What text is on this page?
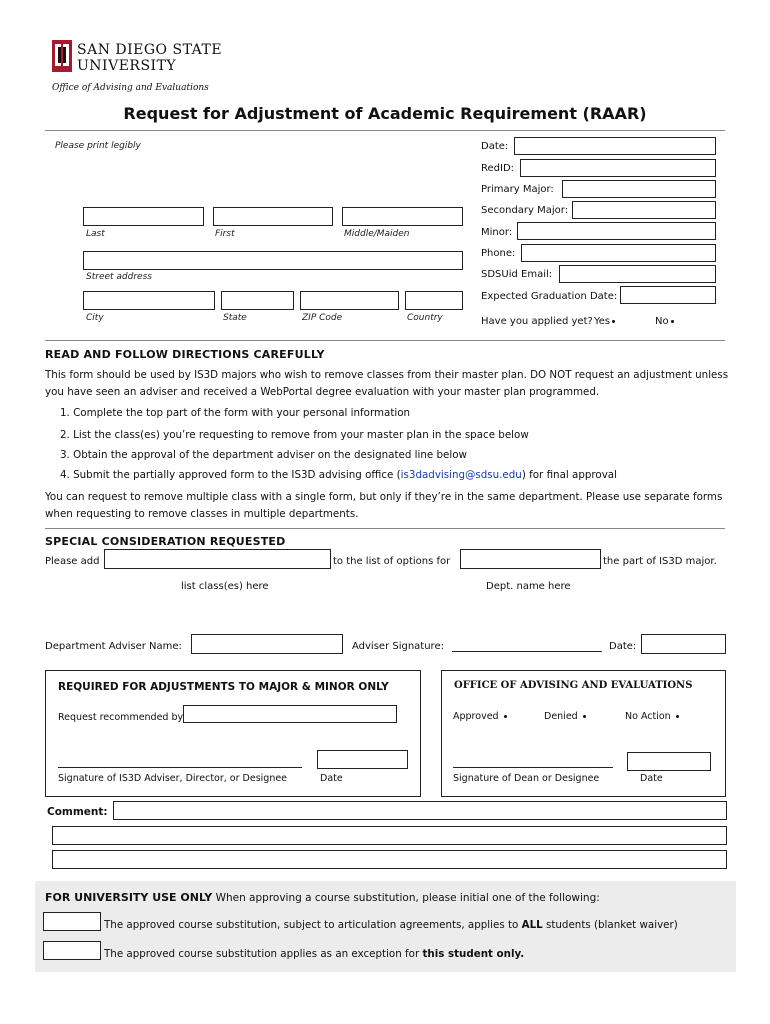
SAN DIEGO STATE
UNIVERSITY
Office of Advising and Evaluations
Request for Adjustment of Academic Requirement (RAAR)
Please print legibly
Last	First	Middle/Maiden
Street address
City	State	ZIP Code	Country
Date:
RedID:
Primary Major:
Secondary Major:
Minor:
Phone:
SDSUid Email:
Expected Graduation Date:
Have you applied yet? Yes	No
READ AND FOLLOW DIRECTIONS CAREFULLY
This form should be used by IS3D majors who wish to remove classes from their master plan. DO NOT request an adjustment unless you have seen an adviser and received a WebPortal degree evaluation with your master plan programmed.
1. Complete the top part of the form with your personal information
2. List the class(es) you’re requesting to remove from your master plan in the space below
3. Obtain the approval of the department adviser on the designated line below
4. Submit the partially approved form to the IS3D advising office (is3dadvising@sdsu.edu) for final approval
You can request to remove multiple class with a single form, but only if they’re in the same department. Please use separate forms when requesting to remove classes in multiple departments.
SPECIAL CONSIDERATION REQUESTED
Please add	to the list of options for	the part of IS3D major.
list class(es) here	Dept. name here
Department Adviser Name:	Adviser Signature:	Date:
REQUIRED FOR ADJUSTMENTS TO MAJOR & MINOR ONLY
Request recommended by
Signature of IS3D Adviser, Director, or Designee	Date
OFFICE OF ADVISING AND EVALUATIONS
Approved	Denied	No Action
Signature of Dean or Designee	Date
Comment:
FOR UNIVERSITY USE ONLY When approving a course substitution, please initial one of the following:
The approved course substitution, subject to articulation agreements, applies to ALL students (blanket waiver)
The approved course substitution applies as an exception for this student only.
